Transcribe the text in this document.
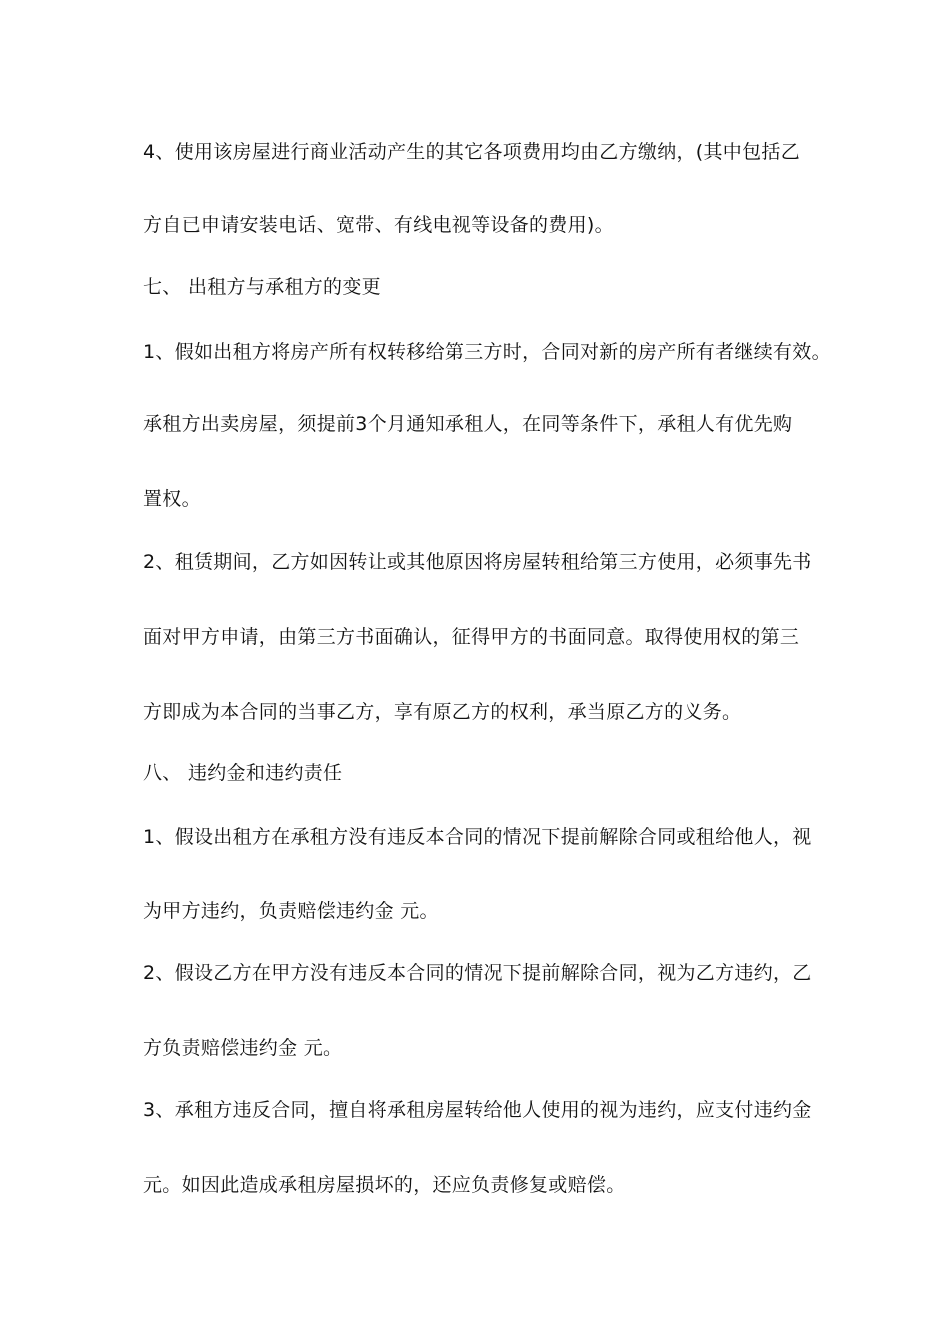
4、使用该房屋进行商业活动产生的其它各项费用均由乙方缴纳，(其中包括乙
方自已申请安装电话、宽带、有线电视等设备的费用)。
七、 出租方与承租方的变更
1、假如出租方将房产所有权转移给第三方时，合同对新的房产所有者继续有效。
承租方出卖房屋，须提前3个月通知承租人，在同等条件下，承租人有优先购
置权。
2、租赁期间，乙方如因转让或其他原因将房屋转租给第三方使用，必须事先书
面对甲方申请，由第三方书面确认，征得甲方的书面同意。取得使用权的第三
方即成为本合同的当事乙方，享有原乙方的权利，承当原乙方的义务。
八、 违约金和违约责任
1、假设出租方在承租方没有违反本合同的情况下提前解除合同或租给他人，视
为甲方违约，负责赔偿违约金 元。
2、假设乙方在甲方没有违反本合同的情况下提前解除合同，视为乙方违约，乙
方负责赔偿违约金 元。
3、承租方违反合同，擅自将承租房屋转给他人使用的视为违约，应支付违约金
元。如因此造成承租房屋损坏的，还应负责修复或赔偿。
